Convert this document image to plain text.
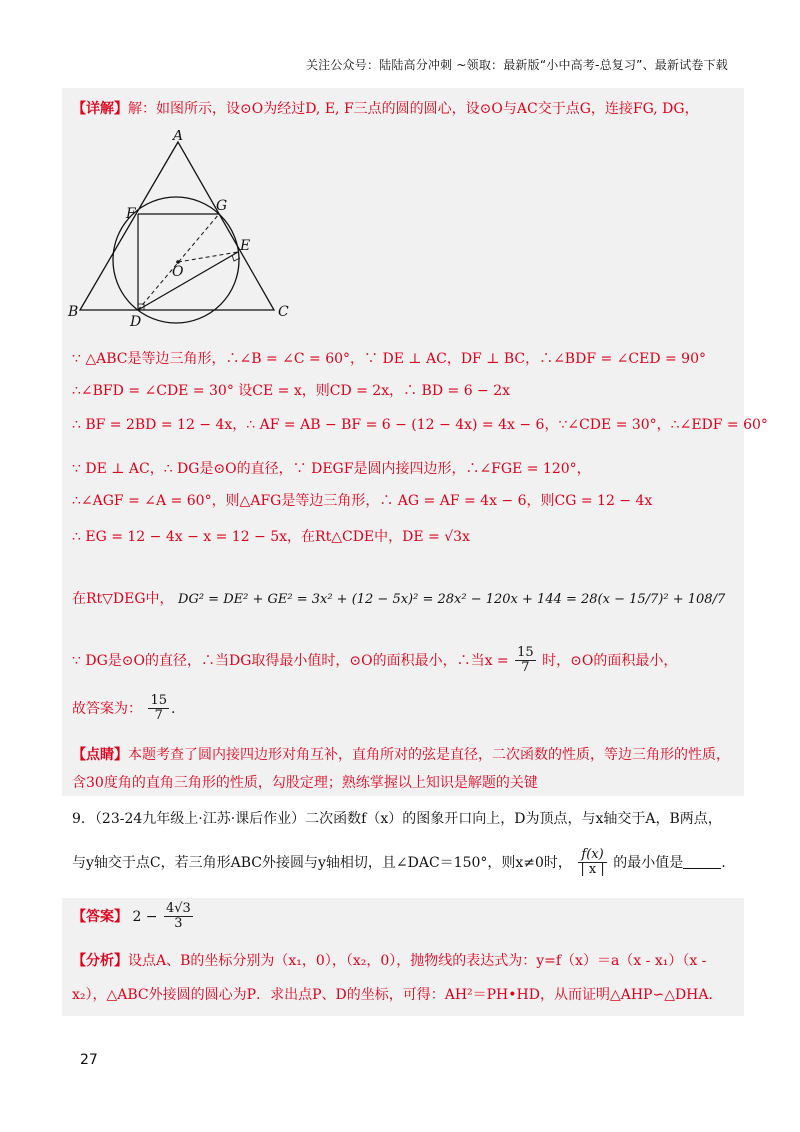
关注公众号：陆陆高分冲刺 ~领取：最新版“小中高考-总复习”、最新试卷下载
【详解】解：如图所示，设⊙O为经过D, E, F三点的圆的圆心，设⊙O与AC交于点G，连接FG, DG，
A
B	C
D
E
F	G
O
∵ △ABC是等边三角形，∴∠B = ∠C = 60°，∵ DE ⊥ AC，DF ⊥ BC，∴∠BDF = ∠CED = 90°
∴∠BFD = ∠CDE = 30° 设CE = x，则CD = 2x，∴ BD = 6 − 2x
∴ BF = 2BD = 12 − 4x，∴ AF = AB − BF = 6 − (12 − 4x) = 4x − 6，∵∠CDE = 30°，∴∠EDF = 60°
∵ DE ⊥ AC，∴ DG是⊙O的直径，∵ DEGF是圆内接四边形，∴∠FGE = 120°，
∴∠AGF = ∠A = 60°，则△AFG是等边三角形，∴ AG = AF = 4x − 6，则CG = 12 − 4x
∴ EG = 12 − 4x − x = 12 − 5x，在Rt△CDE中，DE = √3x
在Rt▽DEG中， DG² = DE² + GE² = 3x² + (12 − 5x)² = 28x² − 120x + 144 = 28(x − 15/7)² + 108/7
∵ DG是⊙O的直径，∴当DG取得最小值时，⊙O的面积最小，∴当$x = \frac{15}{7}$ 时，⊙O的面积最小，
故答案为： $\frac{15}{7}$ .
【点睛】本题考查了圆内接四边形对角互补，直角所对的弦是直径，二次函数的性质，等边三角形的性质，
含30度角的直角三角形的性质，勾股定理；熟练掌握以上知识是解题的关键
9．（23-24九年级上·江苏·课后作业）二次函数f（x）的图象开口向上，D为顶点，与x轴交于A，B两点，
与y轴交于点C，若三角形ABC外接圆与y轴相切，且∠DAC＝150°，则x≠0时， $\frac{f(x)}{| x |}$ 的最小值是	.
【答案】 $2 - \frac{4√3}{3}$
【分析】设点A、B的坐标分别为（x₁，0），（x₂，0），抛物线的表达式为：y=f（x）＝a（x - x₁）（x -
x₂），△ABC外接圆的圆心为P．求出点P、D的坐标，可得：AH²＝PH•HD，从而证明△AHP∽△DHA．
27
